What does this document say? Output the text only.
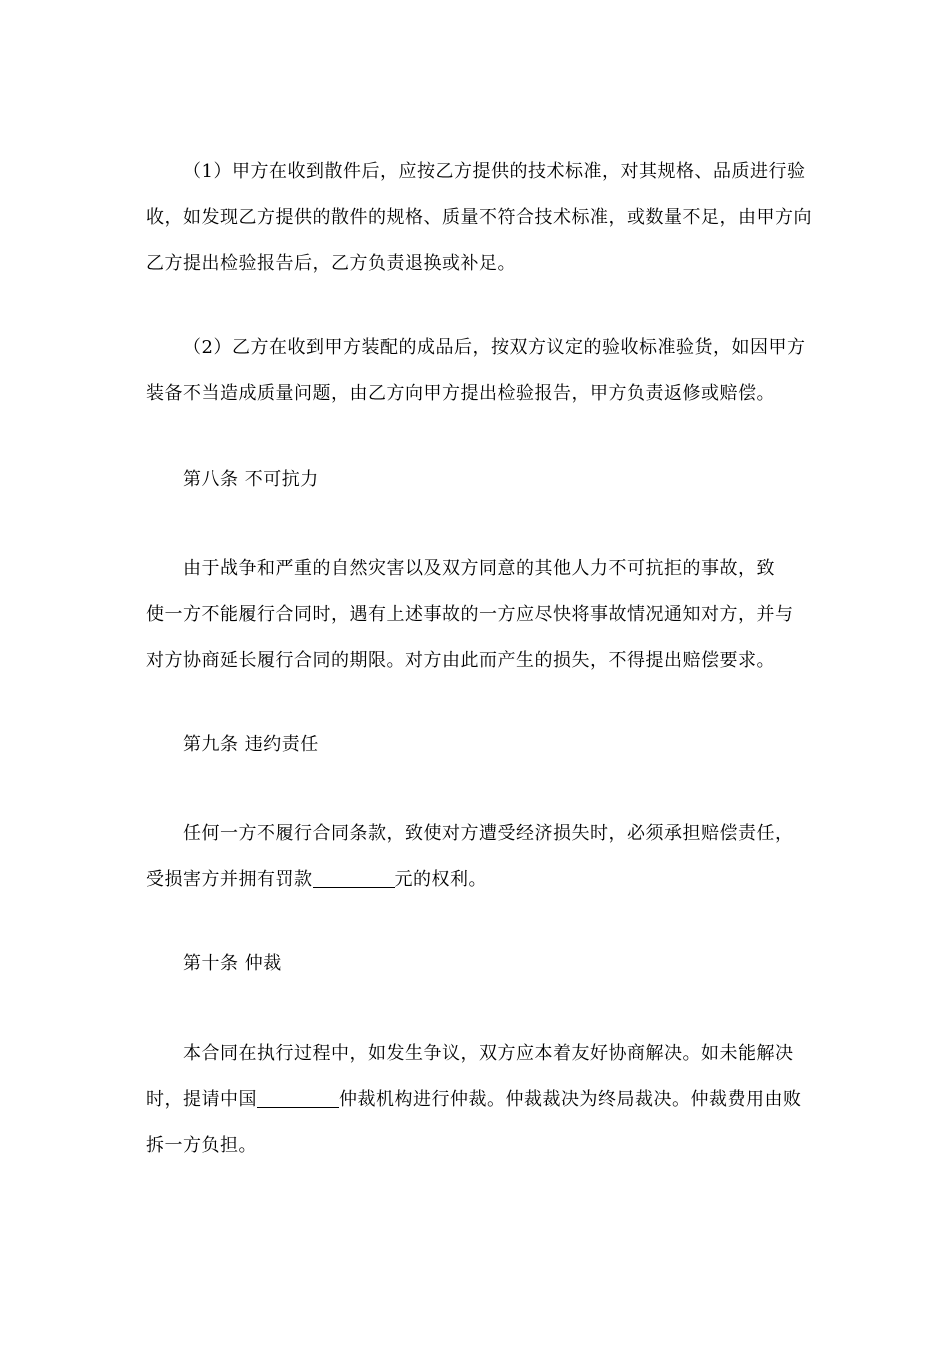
（1）甲方在收到散件后，应按乙方提供的技术标准，对其规格、品质进行验
收，如发现乙方提供的散件的规格、质量不符合技术标准，或数量不足，由甲方向
乙方提出检验报告后，乙方负责退换或补足。
（2）乙方在收到甲方装配的成品后，按双方议定的验收标准验货，如因甲方
装备不当造成质量问题，由乙方向甲方提出检验报告，甲方负责返修或赔偿。
第八条 不可抗力
由于战争和严重的自然灾害以及双方同意的其他人力不可抗拒的事故，致
使一方不能履行合同时，遇有上述事故的一方应尽快将事故情况通知对方，并与
对方协商延长履行合同的期限。对方由此而产生的损失，不得提出赔偿要求。
第九条 违约责任
任何一方不履行合同条款，致使对方遭受经济损失时，必须承担赔偿责任，
受损害方并拥有罚款	元的权利。
第十条 仲裁
本合同在执行过程中，如发生争议，双方应本着友好协商解决。如未能解决
时，提请中国	仲裁机构进行仲裁。仲裁裁决为终局裁决。仲裁费用由败
拆一方负担。
